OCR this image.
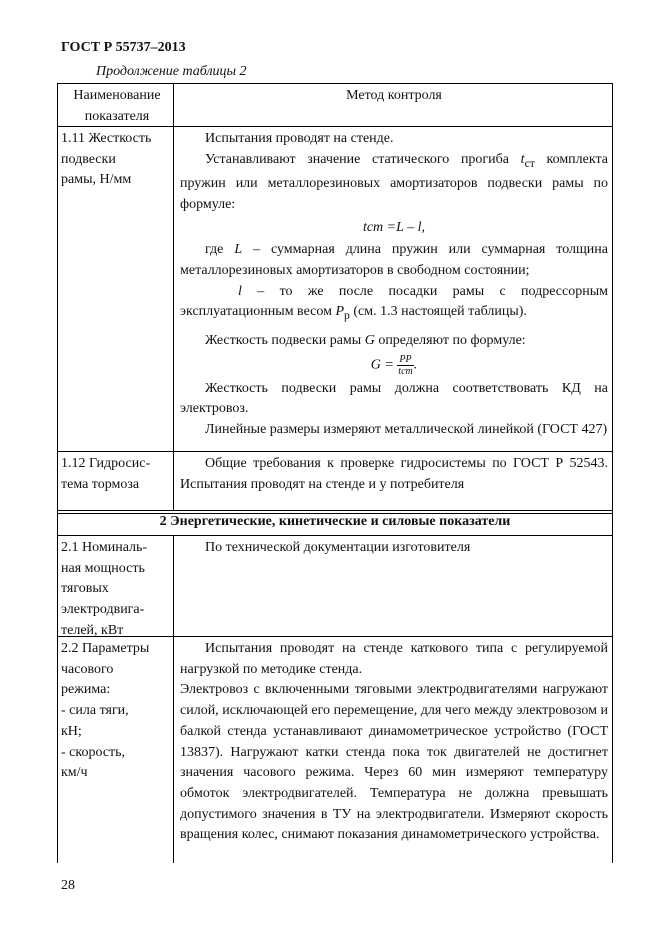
ГОСТ Р 55737–2013
Продолжение таблицы 2
Наименование
показателя
Метод контроля
1.11 Жесткость
подвески
рамы, Н/мм

Испытания проводят на стенде.

Устанавливают значение статического прогиба $t_{ст}$ комплекта пружин или металлорезиновых амортизаторов подвески рамы по формуле:

tст =L – l,

где L – суммарная длина пружин или суммарная толщина металлорезиновых амортизаторов в свободном состоянии;

l – то же после посадки рамы с подрессорным эксплуатационным весом $P_р$ (см. 1.3 настоящей таблицы).

Жесткость подвески рамы G определяют по формуле:

$G = \frac{PP}{\text{tст}}$ .

Жесткость подвески рамы должна соответствовать КД на электровоз.

Линейные размеры измеряют металлической линейкой (ГОСТ 427)

1.12 Гидросис-
тема тормоза

Общие требования к проверке гидросистемы по ГОСТ Р 52543. Испытания проводят на стенде и у потребителя

2 Энергетические, кинетические и силовые показатели
2.1 Номиналь-
ная мощность
тяговых
электродвига-
телей, кВт

По технической документации изготовителя

2.2 Параметры
часового
режима:
- сила тяги,
кН;
- скорость,
км/ч

Испытания проводят на стенде каткового типа с регулируемой нагрузкой по методике стенда.

Электровоз с включенными тяговыми электродвигателями нагружают силой, исключающей его перемещение, для чего между электровозом и балкой стенда устанавливают динамометрическое устройство (ГОСТ 13837). Нагружают катки стенда пока ток двигателей не достигнет значения часового режима. Через 60 мин измеряют температуру обмоток электродвигателей. Температура не должна превышать допустимого значения в ТУ на электродвигатели. Измеряют скорость вращения колес, снимают показания динамометрического устройства.

28
